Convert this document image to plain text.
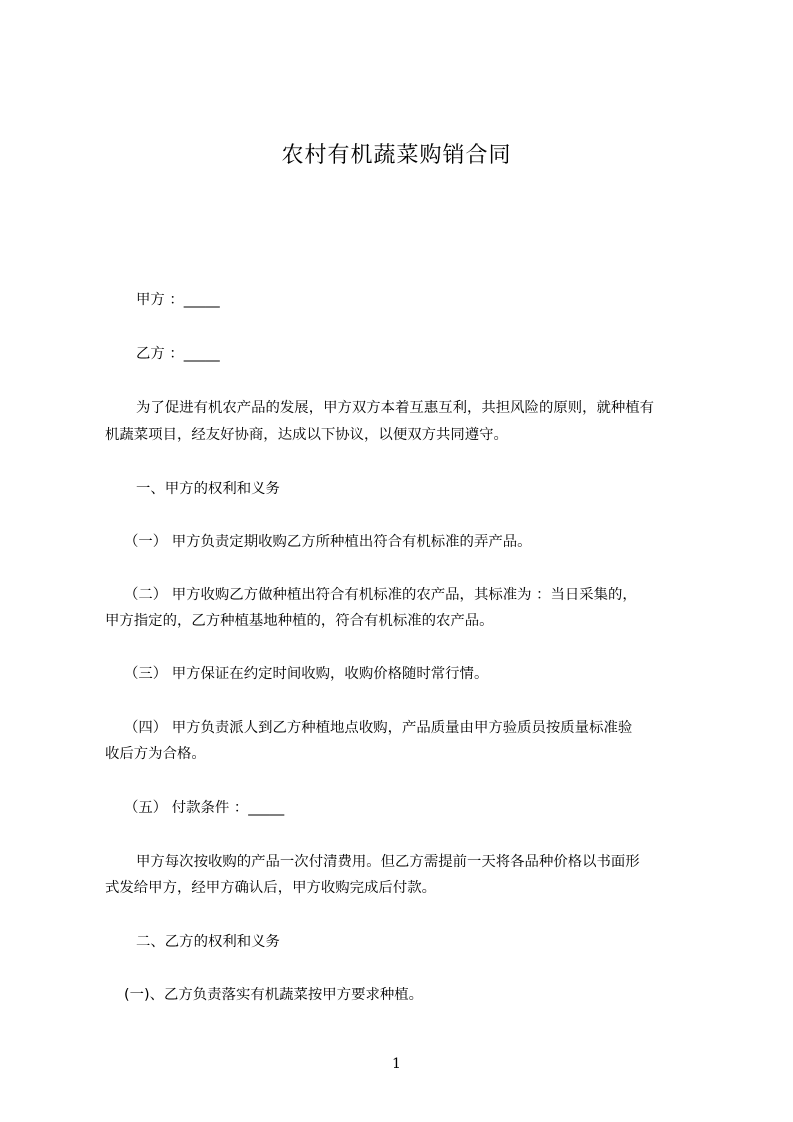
农村有机蔬菜购销合同
甲方 ：_____
乙方 ：_____
为了促进有机农产品的发展，甲方双方本着互惠互利，共担风险的原则，就种植有
机蔬菜项目，经友好协商，达成以下协议，以便双方共同遵守。
一、甲方的权利和义务
（一） 甲方负责定期收购乙方所种植出符合有机标准的弄产品。
（二） 甲方收购乙方做种植出符合有机标准的农产品，其标准为 ：当日采集的，
甲方指定的，乙方种植基地种植的，符合有机标准的农产品。
（三） 甲方保证在约定时间收购，收购价格随时常行情。
（四） 甲方负责派人到乙方种植地点收购，产品质量由甲方验质员按质量标准验
收后方为合格。
（五） 付款条件 ：_____
甲方每次按收购的产品一次付清费用。但乙方需提前一天将各品种价格以书面形
式发给甲方，经甲方确认后，甲方收购完成后付款。
二、乙方的权利和义务
(一)、乙方负责落实有机蔬菜按甲方要求种植。
1
